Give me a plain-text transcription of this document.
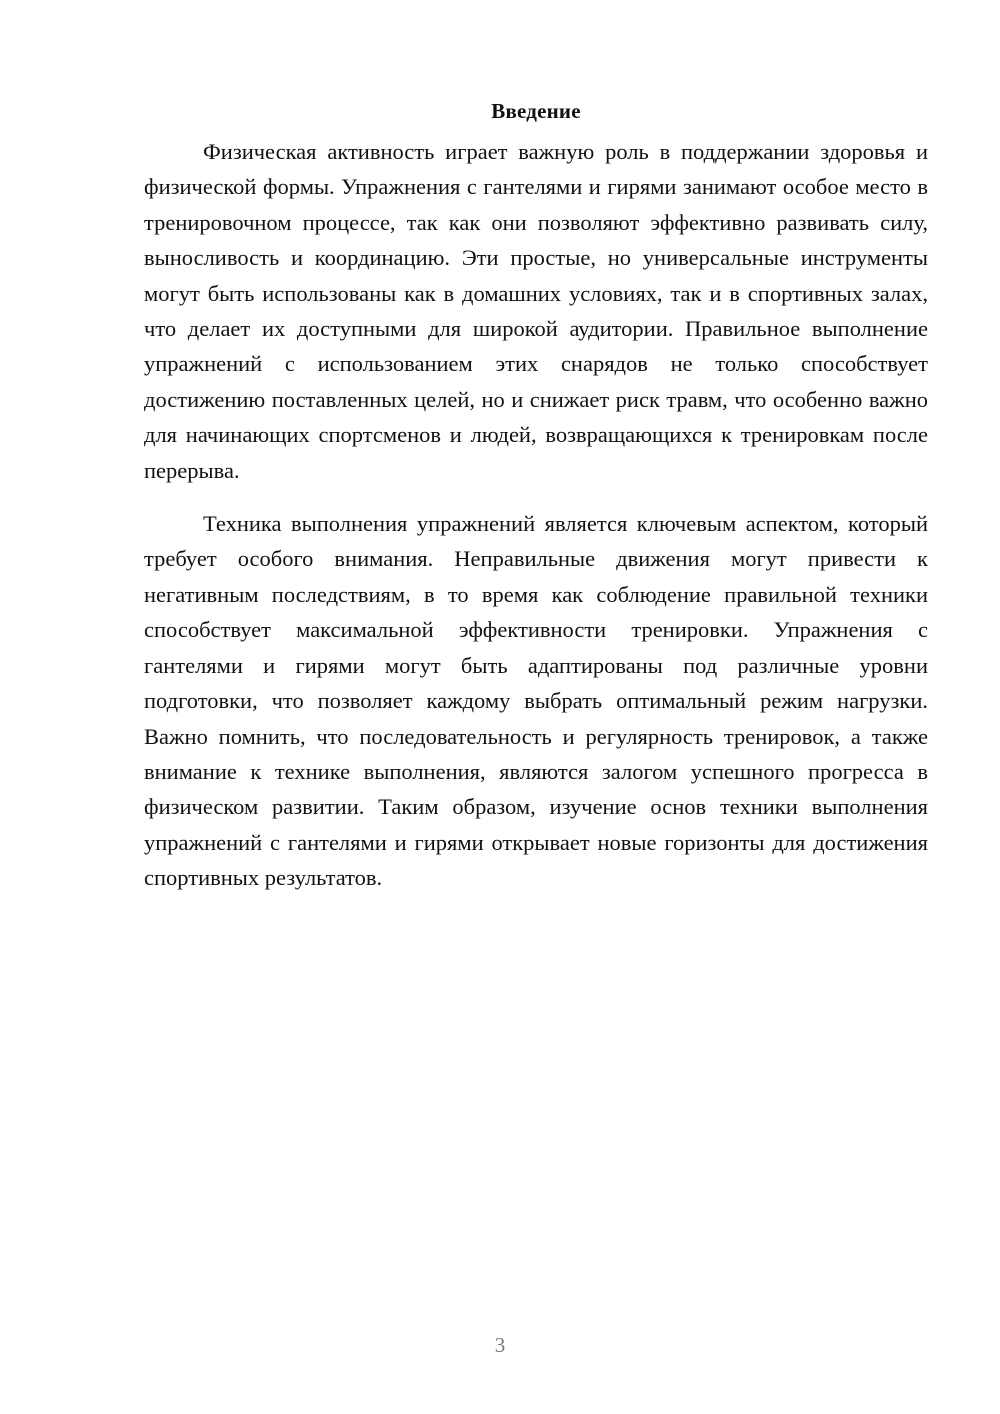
Введение

Физическая активность играет важную роль в поддержании здоровья и физической формы. Упражнения с гантелями и гирями занимают особое место в тренировочном процессе, так как они позволяют эффективно развивать силу, выносливость и координацию. Эти простые, но универсальные инструменты могут быть использованы как в домашних условиях, так и в спортивных залах, что делает их доступными для широкой аудитории. Правильное выполнение упражнений с использованием этих снарядов не только способствует достижению поставленных целей, но и снижает риск травм, что особенно важно для начинающих спортсменов и людей, возвращающихся к тренировкам после перерыва.

Техника выполнения упражнений является ключевым аспектом, который требует особого внимания. Неправильные движения могут привести к негативным последствиям, в то время как соблюдение правильной техники способствует максимальной эффективности тренировки. Упражнения с гантелями и гирями могут быть адаптированы под различные уровни подготовки, что позволяет каждому выбрать оптимальный режим нагрузки. Важно помнить, что последовательность и регулярность тренировок, а также внимание к технике выполнения, являются залогом успешного прогресса в физическом развитии. Таким образом, изучение основ техники выполнения упражнений с гантелями и гирями открывает новые горизонты для достижения спортивных результатов.

3
